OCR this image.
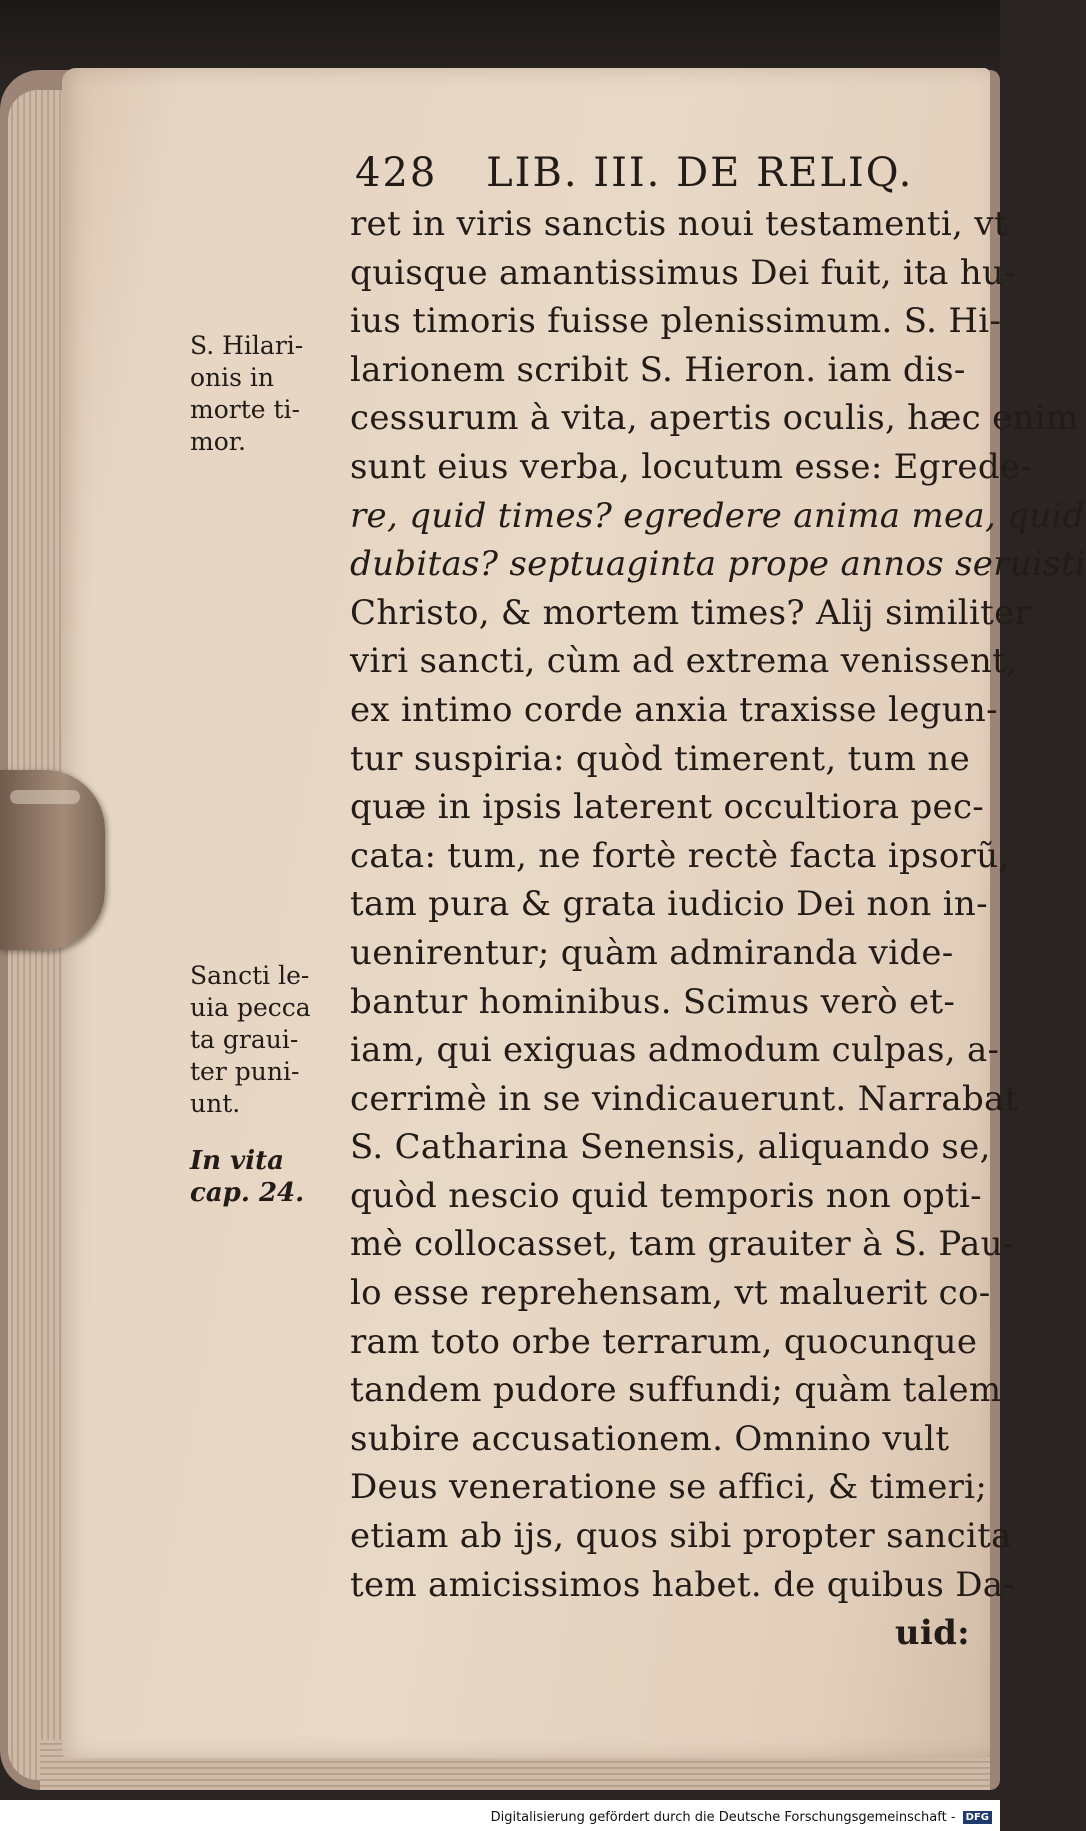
428 LIB. III. DE RELIQ.
S. Hilari-
onis in
morte ti-
mor.
Sancti le-
uia pecca
ta graui-
ter puni-
unt.
In vita
cap. 24.
ret in viris sanctis noui testamenti, vt
quisque amantissimus Dei fuit, ita hu-
ius timoris fuisse plenissimum. S. Hi-
larionem scribit S. Hieron. iam dis-
cessurum à vita, apertis oculis, hæc enim
sunt eius verba, locutum esse: Egrede-
re, quid times? egredere anima mea, quid
dubitas? septuaginta prope annos seruisti
Christo, & mortem times? Alij similiter
viri sancti, cùm ad extrema venissent,
ex intimo corde anxia traxisse legun-
tur suspiria: quòd timerent, tum ne
quæ in ipsis laterent occultiora pec-
cata: tum, ne fortè rectè facta ipsorũ,
tam pura & grata iudicio Dei non in-
uenirentur; quàm admiranda vide-
bantur hominibus. Scimus verò et-
iam, qui exiguas admodum culpas, a-
cerrimè in se vindicauerunt. Narrabat
S. Catharina Senensis, aliquando se,
quòd nescio quid temporis non opti-
mè collocasset, tam grauiter à S. Pau-
lo esse reprehensam, vt maluerit co-
ram toto orbe terrarum, quocunque
tandem pudore suffundi; quàm talem
subire accusationem. Omnino vult
Deus veneratione se affici, & timeri;
etiam ab ijs, quos sibi propter sancita
tem amicissimos habet. de quibus Da-
uid:
Digitalisierung gefördert durch die Deutsche Forschungsgemeinschaft - DFG
